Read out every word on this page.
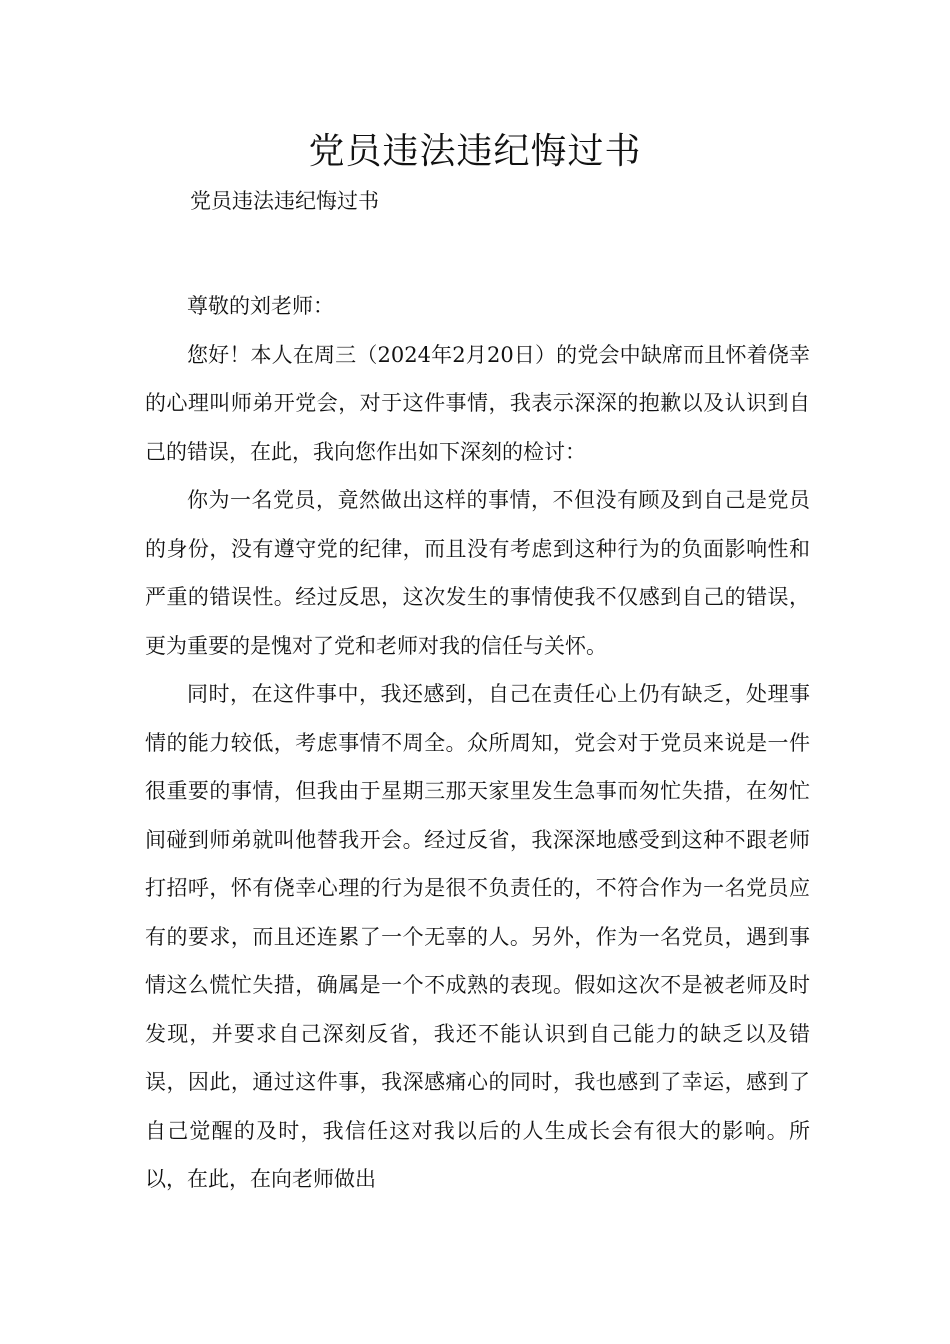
党员违法违纪悔过书
党员违法违纪悔过书

尊敬的刘老师：

您好！本人在周三（2024年2月20日）的党会中缺席而且怀着侥幸的心理叫师弟开党会，对于这件事情，我表示深深的抱歉以及认识到自己的错误，在此，我向您作出如下深刻的检讨：

你为一名党员，竟然做出这样的事情，不但没有顾及到自己是党员的身份，没有遵守党的纪律，而且没有考虑到这种行为的负面影响性和严重的错误性。经过反思，这次发生的事情使我不仅感到自己的错误，更为重要的是愧对了党和老师对我的信任与关怀。

同时，在这件事中，我还感到，自己在责任心上仍有缺乏，处理事情的能力较低，考虑事情不周全。众所周知，党会对于党员来说是一件很重要的事情，但我由于星期三那天家里发生急事而匆忙失措，在匆忙间碰到师弟就叫他替我开会。经过反省，我深深地感受到这种不跟老师打招呼，怀有侥幸心理的行为是很不负责任的，不符合作为一名党员应有的要求，而且还连累了一个无辜的人。另外，作为一名党员，遇到事情这么慌忙失措，确属是一个不成熟的表现。假如这次不是被老师及时发现，并要求自己深刻反省，我还不能认识到自己能力的缺乏以及错误，因此，通过这件事，我深感痛心的同时，我也感到了幸运，感到了自己觉醒的及时，我信任这对我以后的人生成长会有很大的影响。所以，在此，在向老师做出
